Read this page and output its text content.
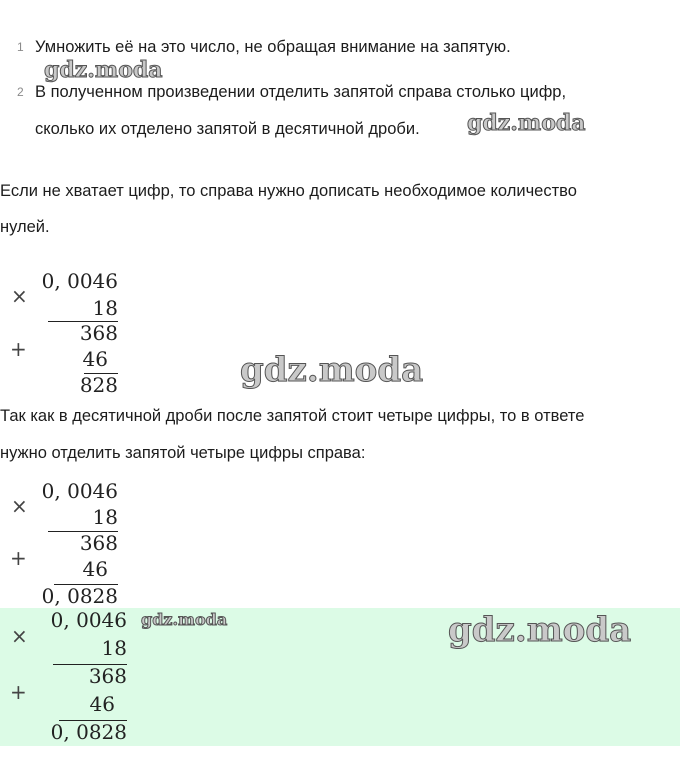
1 Умножить её на это число, не обращая внимание на запятую.
gdz.moda
2 В полученном произведении отделить запятой справа столько цифр,
сколько их отделено запятой в десятичной дроби. gdz.moda
Если не хватает цифр, то справа нужно дописать необходимое количество
нулей.
×
0, 0046
18
+
368
46
828	gdz.moda
Так как в десятичной дроби после запятой стоит четыре цифры, то в ответе
нужно отделить запятой четыре цифры справа:
×
0, 0046
18
+
368
46
0, 0828
×
0, 0046
18
+
368
46
0, 0828
gdz.moda	gdz.moda
